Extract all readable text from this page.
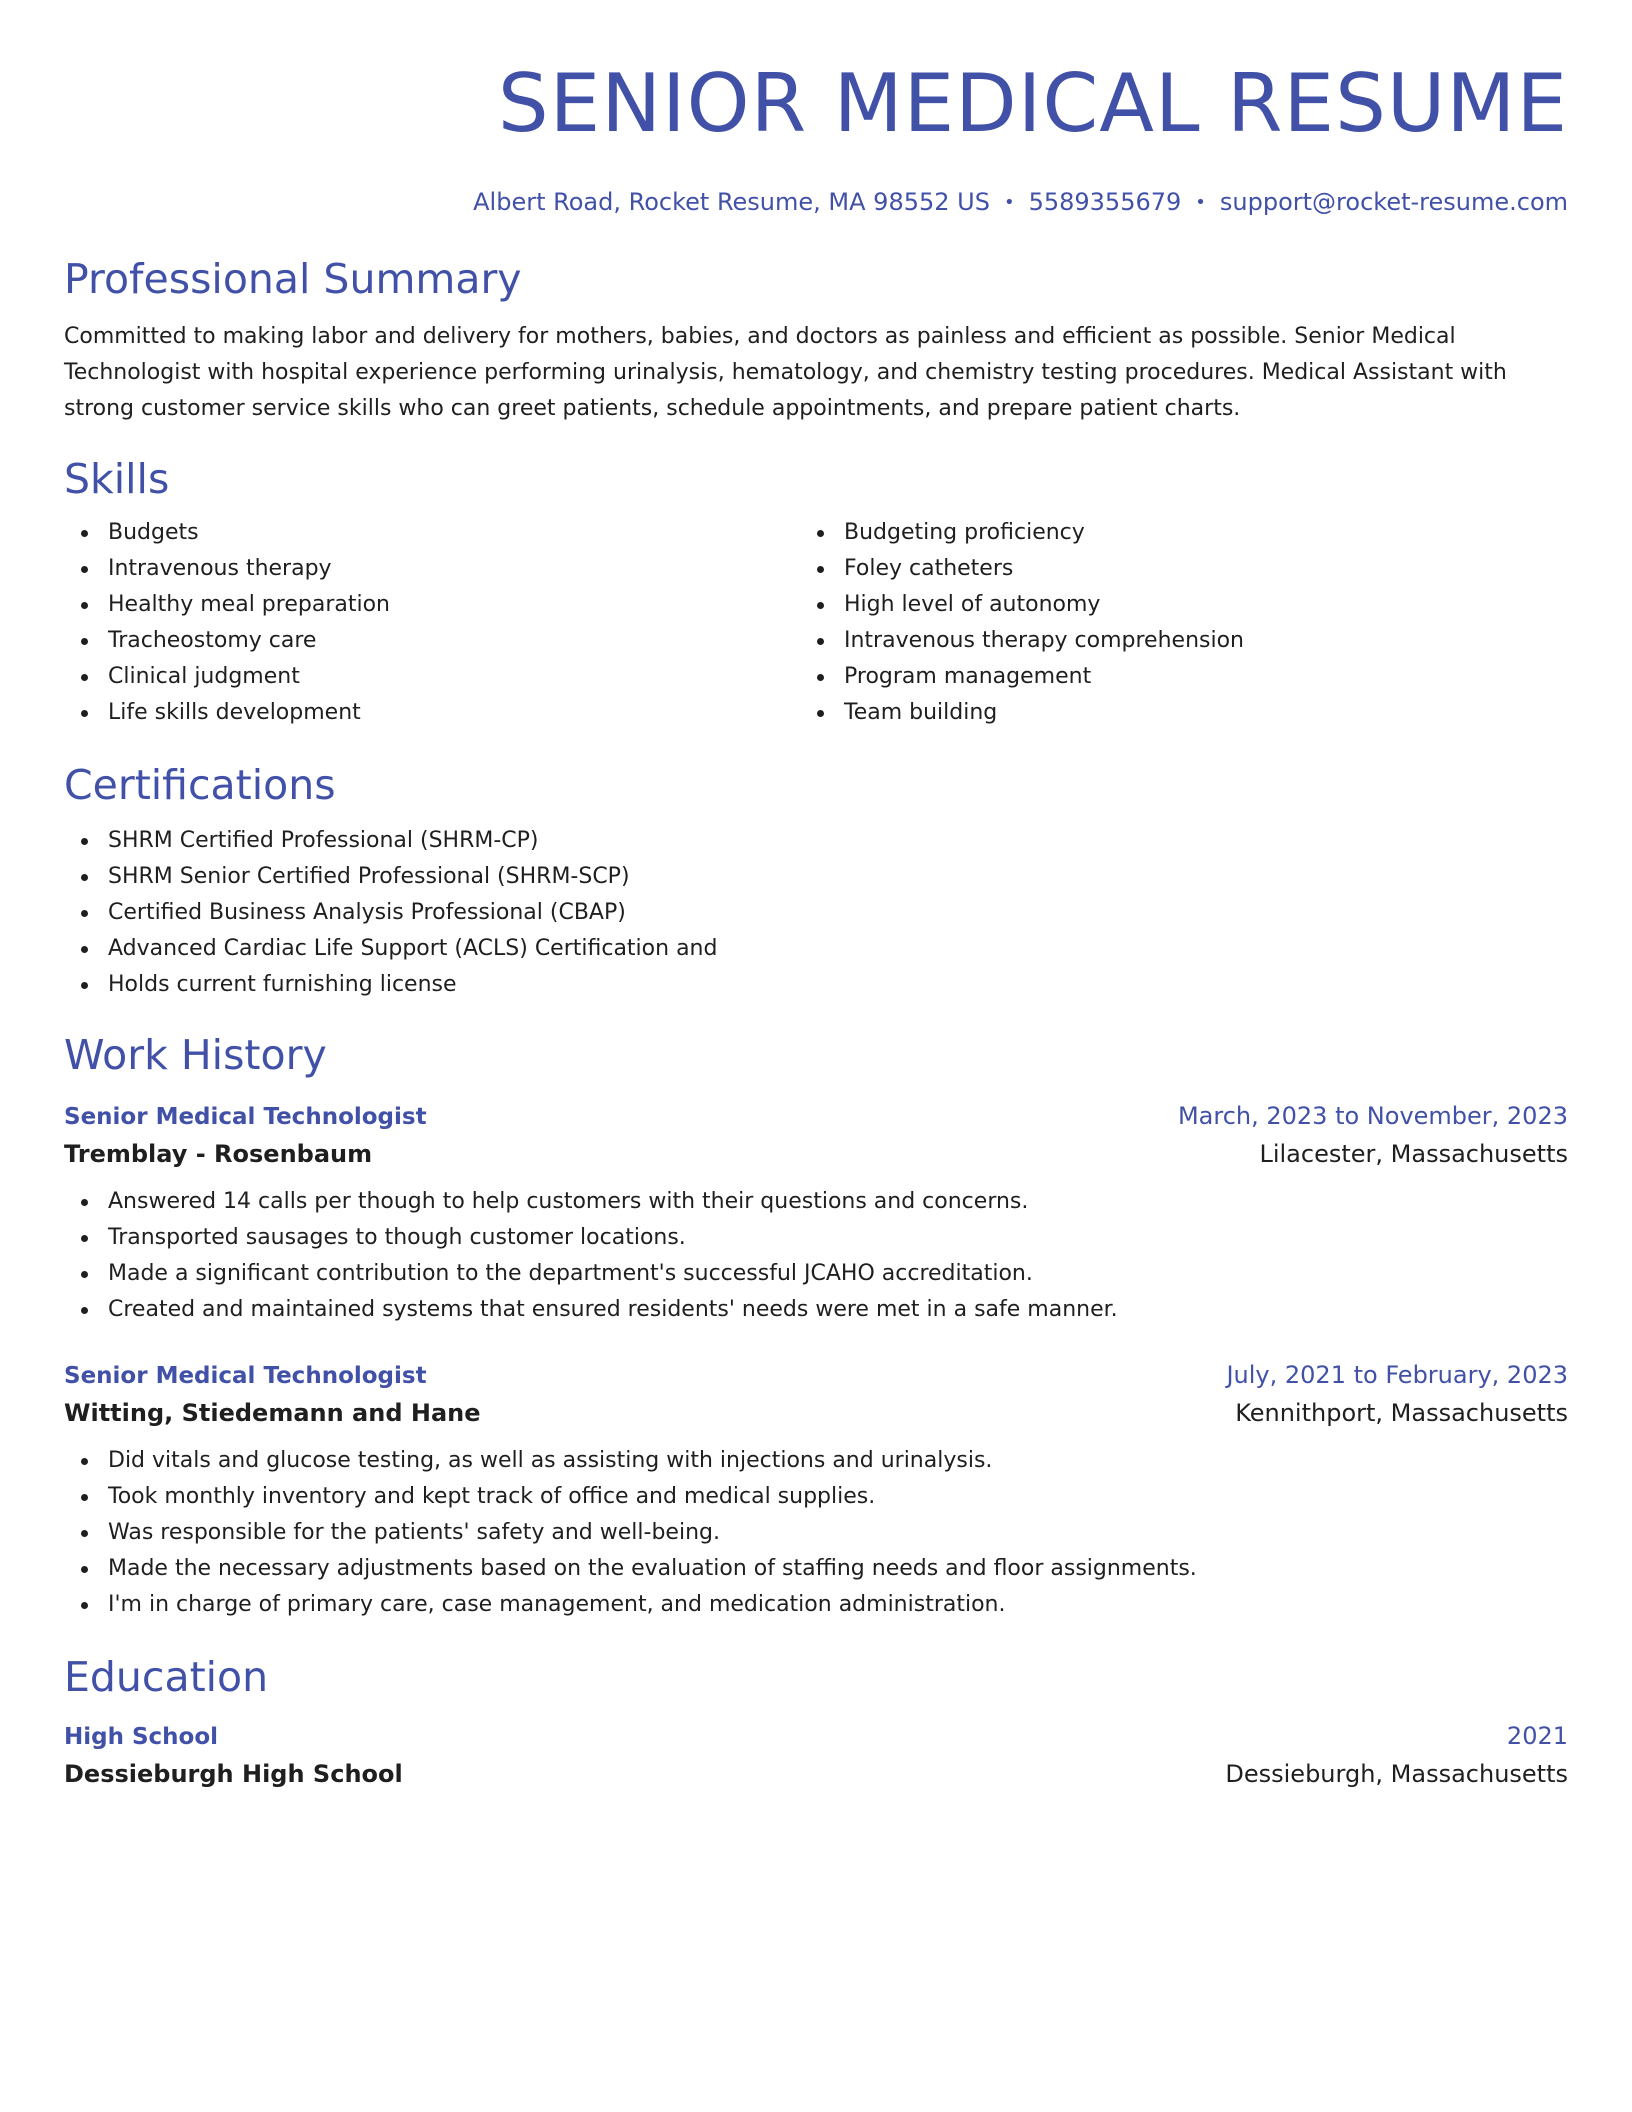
SENIOR MEDICAL RESUME
Albert Road, Rocket Resume, MA 98552 US • 5589355679 • support@rocket-resume.com
Professional Summary

Committed to making labor and delivery for mothers, babies, and doctors as painless and efficient as possible. Senior Medical Technologist with hospital experience performing urinalysis, hematology, and chemistry testing procedures. Medical Assistant with strong customer service skills who can greet patients, schedule appointments, and prepare patient charts.

Skills
Budgets
Intravenous therapy
Healthy meal preparation
Tracheostomy care
Clinical judgment
Life skills development
Budgeting proficiency
Foley catheters
High level of autonomy
Intravenous therapy comprehension
Program management
Team building
Certifications
SHRM Certified Professional (SHRM-CP)
SHRM Senior Certified Professional (SHRM-SCP)
Certified Business Analysis Professional (CBAP)
Advanced Cardiac Life Support (ACLS) Certification and
Holds current furnishing license
Work History
Senior Medical Technologist	March, 2023 to November, 2023
Tremblay - Rosenbaum	Lilacester, Massachusetts
Answered 14 calls per though to help customers with their questions and concerns.
Transported sausages to though customer locations.
Made a significant contribution to the department's successful JCAHO accreditation.
Created and maintained systems that ensured residents' needs were met in a safe manner.
Senior Medical Technologist	July, 2021 to February, 2023
Witting, Stiedemann and Hane	Kennithport, Massachusetts
Did vitals and glucose testing, as well as assisting with injections and urinalysis.
Took monthly inventory and kept track of office and medical supplies.
Was responsible for the patients' safety and well-being.
Made the necessary adjustments based on the evaluation of staffing needs and floor assignments.
I'm in charge of primary care, case management, and medication administration.
Education
High School	2021
Dessieburgh High School	Dessieburgh, Massachusetts
